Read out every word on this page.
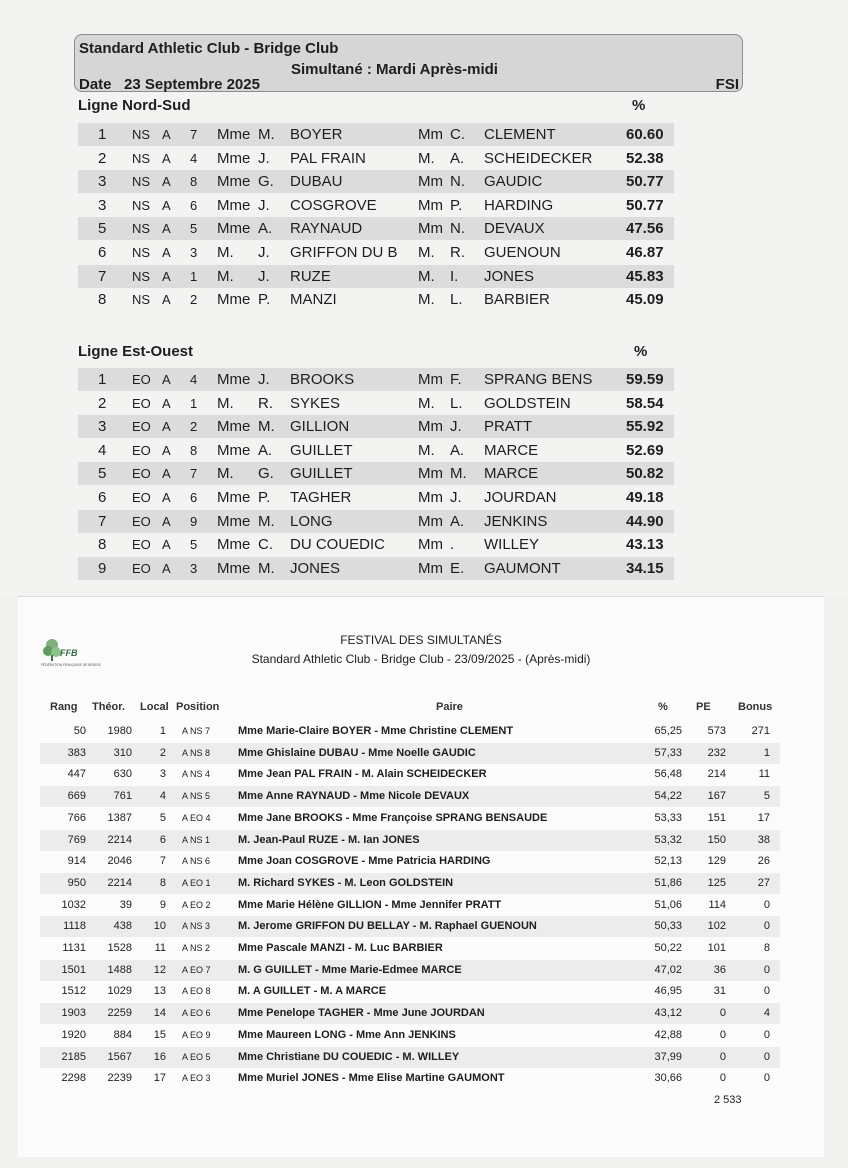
Standard Athletic Club - Bridge Club
Simultané : Mardi Après-midi
Date 23 Septembre 2025	FSI
Ligne Nord-Sud	%
1 NS A 7 Mme M. BOYER	Mm C. CLEMENT	60.60
2 NS A 4 Mme J. PAL FRAIN	M. A. SCHEIDECKER 52.38
3 NS A 8 Mme G. DUBAU	Mm N. GAUDIC	50.77
3 NS A 6 Mme J. COSGROVE	Mm P. HARDING	50.77
5 NS A 5 Mme A. RAYNAUD	Mm N. DEVAUX	47.56
6 NS A 3 M. J. GRIFFON DU B M. R. GUENOUN	46.87
7 NS A 1 M. J. RUZE	M. I. JONES	45.83
8 NS A 2 Mme P. MANZI	M. L. BARBIER	45.09
Ligne Est-Ouest	%
1 EO A 4 Mme J. BROOKS	Mm F. SPRANG BENS 59.59
2 EO A 1 M. R. SYKES	M. L. GOLDSTEIN	58.54
3 EO A 2 Mme M. GILLION	Mm J. PRATT	55.92
4 EO A 8 Mme A. GUILLET	M. A. MARCE	52.69
5 EO A 7 M. G. GUILLET	Mm M. MARCE	50.82
6 EO A 6 Mme P. TAGHER	Mm J. JOURDAN	49.18
7 EO A 9 Mme M. LONG	Mm A. JENKINS	44.90
8 EO A 5 Mme C. DU COUEDIC Mm . WILLEY	43.13
9 EO A 3 Mme M. JONES	Mm E. GAUMONT	34.15
FFB
FÉDÉRATION FRANÇAISE DE BRIDGE
FESTIVAL DES SIMULTANÉS
Standard Athletic Club - Bridge Club - 23/09/2025 - (Après-midi)
Rang Théor. Local Position	Paire	%	PE Bonus
50	1980	1 A NS 7	Mme Marie-Claire BOYER - Mme Christine CLEMENT	65,25	573	271
383	310	2 A NS 8	Mme Ghislaine DUBAU - Mme Noelle GAUDIC	57,33	232	1
447	630	3 A NS 4	Mme Jean PAL FRAIN - M. Alain SCHEIDECKER	56,48	214	11
669	761	4 A NS 5	Mme Anne RAYNAUD - Mme Nicole DEVAUX	54,22	167	5
766	1387	5 A EO 4 Mme Jane BROOKS - Mme Françoise SPRANG BENSAUDE	53,33	151	17
769	2214	6 A NS 1	M. Jean-Paul RUZE - M. Ian JONES	53,32	150	38
914	2046	7 A NS 6	Mme Joan COSGROVE - Mme Patricia HARDING	52,13	129	26
950	2214	8 A EO 1 M. Richard SYKES - M. Leon GOLDSTEIN	51,86	125	27
1032	39	9 A EO 2 Mme Marie Hélène GILLION - Mme Jennifer PRATT	51,06	114	0
1118	438	10 A NS 3	M. Jerome GRIFFON DU BELLAY - M. Raphael GUENOUN	50,33	102	0
1131	1528	11 A NS 2	Mme Pascale MANZI - M. Luc BARBIER	50,22	101	8
1501	1488	12 A EO 7 M. G GUILLET - Mme Marie-Edmee MARCE	47,02	36	0
1512	1029	13 A EO 8 M. A GUILLET - M. A MARCE	46,95	31	0
1903	2259	14 A EO 6 Mme Penelope TAGHER - Mme June JOURDAN	43,12	0	4
1920	884	15 A EO 9 Mme Maureen LONG - Mme Ann JENKINS	42,88	0	0
2185	1567	16 A EO 5 Mme Christiane DU COUEDIC - M. WILLEY	37,99	0	0
2298	2239	17 A EO 3 Mme Muriel JONES - Mme Elise Martine GAUMONT	30,66	0	0
2 533
